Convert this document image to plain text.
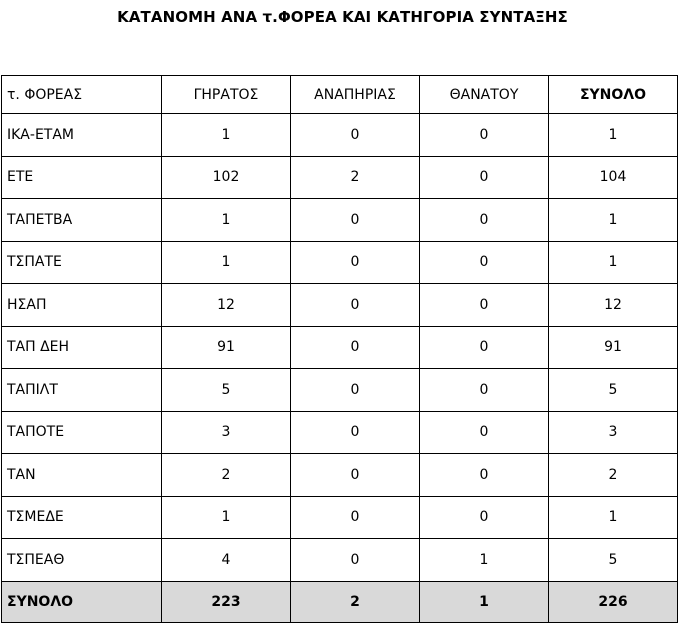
ΚΑΤΑΝΟΜΗ ΑΝΑ τ.ΦΟΡΕΑ ΚΑΙ ΚΑΤΗΓΟΡΙΑ ΣΥΝΤΑΞΗΣ
τ. ΦΟΡΕΑΣ	ΓΗΡΑΤΟΣ	ΑΝΑΠΗΡΙΑΣ	ΘΑΝΑΤΟΥ	ΣΥΝΟΛΟ
ΙΚΑ-ΕΤΑΜ	1	0	0	1
ΕΤΕ	102	2	0	104
ΤΑΠΕΤΒΑ	1	0	0	1
ΤΣΠΑΤΕ	1	0	0	1
ΗΣΑΠ	12	0	0	12
ΤΑΠ ΔΕΗ	91	0	0	91
ΤΑΠΙΛΤ	5	0	0	5
ΤΑΠΟΤΕ	3	0	0	3
ΤΑΝ	2	0	0	2
ΤΣΜΕΔΕ	1	0	0	1
ΤΣΠΕΑΘ	4	0	1	5
ΣΥΝΟΛΟ	223	2	1	226
